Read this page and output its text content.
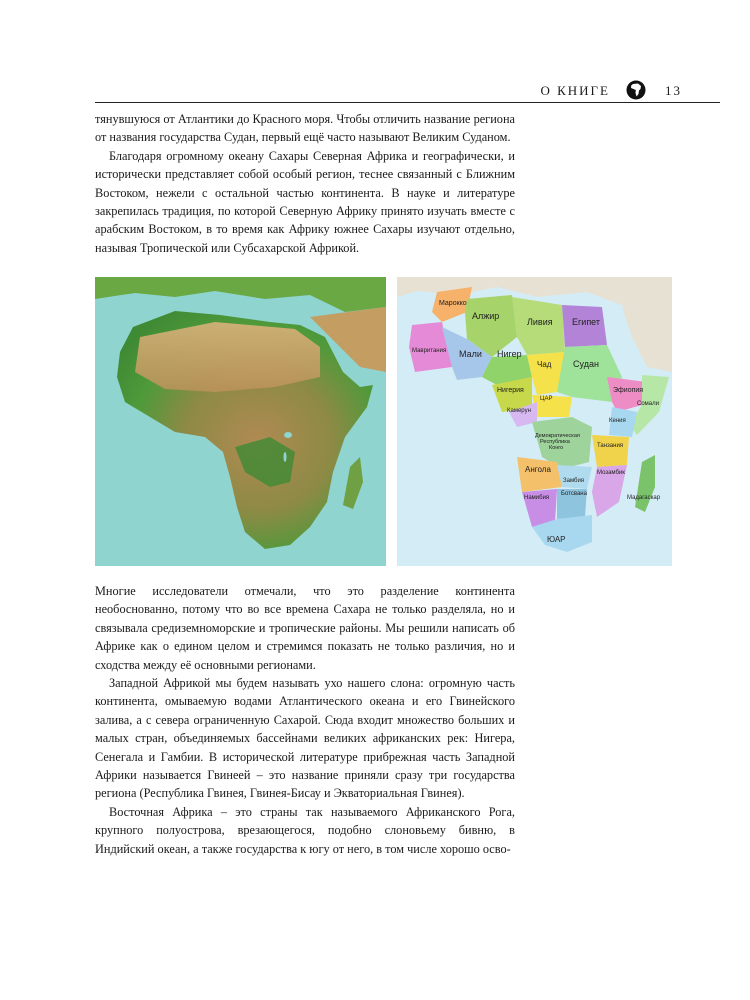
О КНИГЕ	13

тянувшуюся от Атлантики до Красного моря. Чтобы отличить название региона от названия государства Судан, первый ещё часто называют Великим Суданом.

Благодаря огромному океану Сахары Северная Африка и географически, и исторически представляет собой особый регион, теснее связанный с Ближним Востоком, нежели с остальной частью континента. В науке и литературе закрепилась традиция, по которой Северную Африку принято изучать вместе с арабским Востоком, в то время как Африку южнее Сахары изучают отдельно, называя Тропической или Субсахарской Африкой.

Марокко
Алжир
Ливия Египет
Мавритания Мали Нигер
Чад Судан
Эфиопия
Нигерия
ЦАР
Камерун
Сомали
Кения
Демократическая
Республика
Конго	Танзания
Ангола
Замбия
Мозамбик
Намибия
Ботсвана
Мадагаскар
ЮАР

Многие исследователи отмечали, что это разделение континента необоснованно, потому что во все времена Сахара не только разделяла, но и связывала средиземноморские и тропические районы. Мы решили написать об Африке как о едином целом и стремимся показать не только различия, но и сходства между её основными регионами.

Западной Африкой мы будем называть ухо нашего слона: огромную часть континента, омываемую водами Атлантического океана и его Гвинейского залива, а с севера ограниченную Сахарой. Сюда входит множество больших и малых стран, объединяемых бассейнами великих африканских рек: Нигера, Сенегала и Гамбии. В исторической литературе прибрежная часть Западной Африки называется Гвинеей – это название приняли сразу три государства региона (Республика Гвинея, Гвинея-Бисау и Экваториальная Гвинея).

Восточная Африка – это страны так называемого Африканского Рога, крупного полуострова, врезающегося, подобно слоновьему бивню, в Индийский океан, а также государства к югу от него, в том числе хорошо осво-
